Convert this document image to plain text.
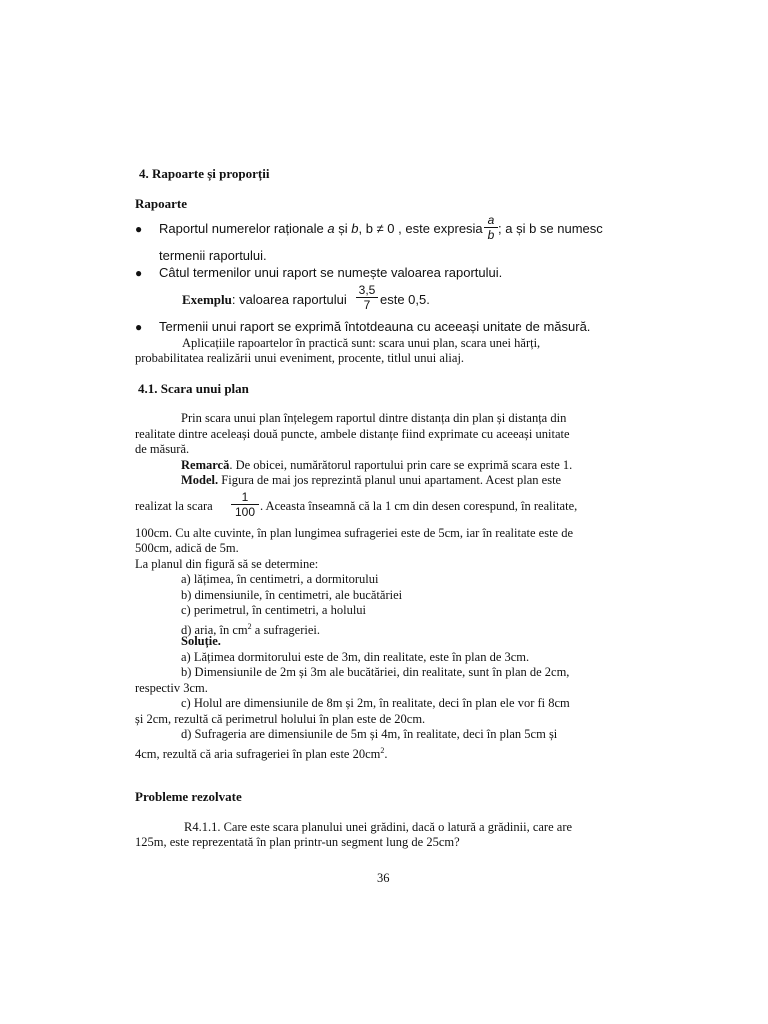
4. Rapoarte și proporții
Rapoarte
● Raportul numerelor raționale a și b, b ≠ 0 , este expresia
a
b ; a și b se numesc
termenii raportului.
● Câtul termenilor unui raport se numește valoarea raportului.
Exemplu: valoarea raportului
3,5
7 este 0,5.
● Termenii unui raport se exprimă întotdeauna cu aceeași unitate de măsură.
Aplicațiile rapoartelor în practică sunt: scara unui plan, scara unei hărți,
probabilitatea realizării unui eveniment, procente, titlul unui aliaj.
4.1. Scara unui plan
Prin scara unui plan înțelegem raportul dintre distanța din plan și distanța din
realitate dintre aceleași două puncte, ambele distanțe fiind exprimate cu aceeași unitate
de măsură.
Remarcă. De obicei, numărătorul raportului prin care se exprimă scara este 1.
Model. Figura de mai jos reprezintă planul unui apartament. Acest plan este
realizat la scara
1
100 . Aceasta înseamnă că la 1 cm din desen corespund, în realitate,
100cm. Cu alte cuvinte, în plan lungimea sufrageriei este de 5cm, iar în realitate este de
500cm, adică de 5m.
La planul din figură să se determine:
a) lățimea, în centimetri, a dormitorului
b) dimensiunile, în centimetri, ale bucătăriei
c) perimetrul, în centimetri, a holului
d) aria, în $cm^2$ a sufrageriei.
Soluție.
a) Lățimea dormitorului este de 3m, din realitate, este în plan de 3cm.
b) Dimensiunile de 2m și 3m ale bucătăriei, din realitate, sunt în plan de 2cm,
respectiv 3cm.
c) Holul are dimensiunile de 8m și 2m, în realitate, deci în plan ele vor fi 8cm
și 2cm, rezultă că perimetrul holului în plan este de 20cm.
d) Sufrageria are dimensiunile de 5m și 4m, în realitate, deci în plan 5cm și
4cm, rezultă că aria sufrageriei în plan este $20cm^2$.
Probleme rezolvate
R4.1.1. Care este scara planului unei grădini, dacă o latură a grădinii, care are
125m, este reprezentată în plan printr-un segment lung de 25cm?
36
